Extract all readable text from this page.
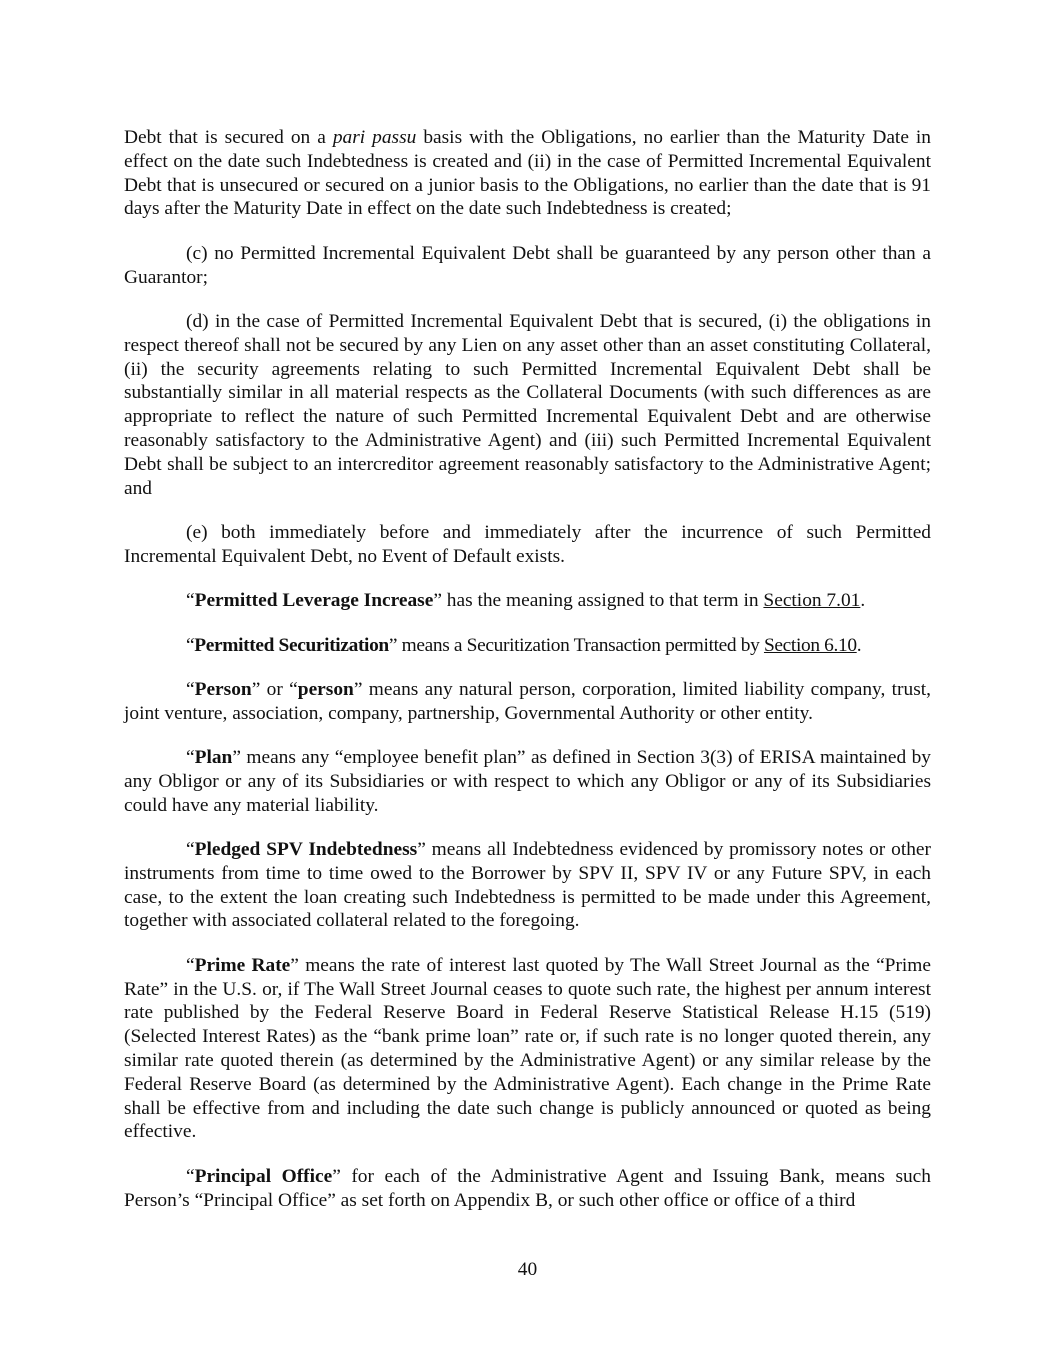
Debt that is secured on a pari passu basis with the Obligations, no earlier than the Maturity Date in effect on the date such Indebtedness is created and (ii) in the case of Permitted Incremental Equivalent Debt that is unsecured or secured on a junior basis to the Obligations, no earlier than the date that is 91 days after the Maturity Date in effect on the date such Indebtedness is created;

(c) no Permitted Incremental Equivalent Debt shall be guaranteed by any person other than a Guarantor;

(d) in the case of Permitted Incremental Equivalent Debt that is secured, (i) the obligations in respect thereof shall not be secured by any Lien on any asset other than an asset constituting Collateral, (ii) the security agreements relating to such Permitted Incremental Equivalent Debt shall be substantially similar in all material respects as the Collateral Documents (with such differences as are appropriate to reflect the nature of such Permitted Incremental Equivalent Debt and are otherwise reasonably satisfactory to the Administrative Agent) and (iii) such Permitted Incremental Equivalent Debt shall be subject to an intercreditor agreement reasonably satisfactory to the Administrative Agent; and

(e) both immediately before and immediately after the incurrence of such Permitted Incremental Equivalent Debt, no Event of Default exists.

“Permitted Leverage Increase” has the meaning assigned to that term in Section 7.01.

“Permitted Securitization” means a Securitization Transaction permitted by Section 6.10.

“Person” or “person” means any natural person, corporation, limited liability company, trust, joint venture, association, company, partnership, Governmental Authority or other entity.

“Plan” means any “employee benefit plan” as defined in Section 3(3) of ERISA maintained by any Obligor or any of its Subsidiaries or with respect to which any Obligor or any of its Subsidiaries could have any material liability.

“Pledged SPV Indebtedness” means all Indebtedness evidenced by promissory notes or other instruments from time to time owed to the Borrower by SPV II, SPV IV or any Future SPV, in each case, to the extent the loan creating such Indebtedness is permitted to be made under this Agreement, together with associated collateral related to the foregoing.

“Prime Rate” means the rate of interest last quoted by The Wall Street Journal as the “Prime Rate” in the U.S. or, if The Wall Street Journal ceases to quote such rate, the highest per annum interest rate published by the Federal Reserve Board in Federal Reserve Statistical Release H.15 (519) (Selected Interest Rates) as the “bank prime loan” rate or, if such rate is no longer quoted therein, any similar rate quoted therein (as determined by the Administrative Agent) or any similar release by the Federal Reserve Board (as determined by the Administrative Agent). Each change in the Prime Rate shall be effective from and including the date such change is publicly announced or quoted as being effective.

“Principal Office” for each of the Administrative Agent and Issuing Bank, means such Person’s “Principal Office” as set forth on Appendix B, or such other office or office of a third

40
